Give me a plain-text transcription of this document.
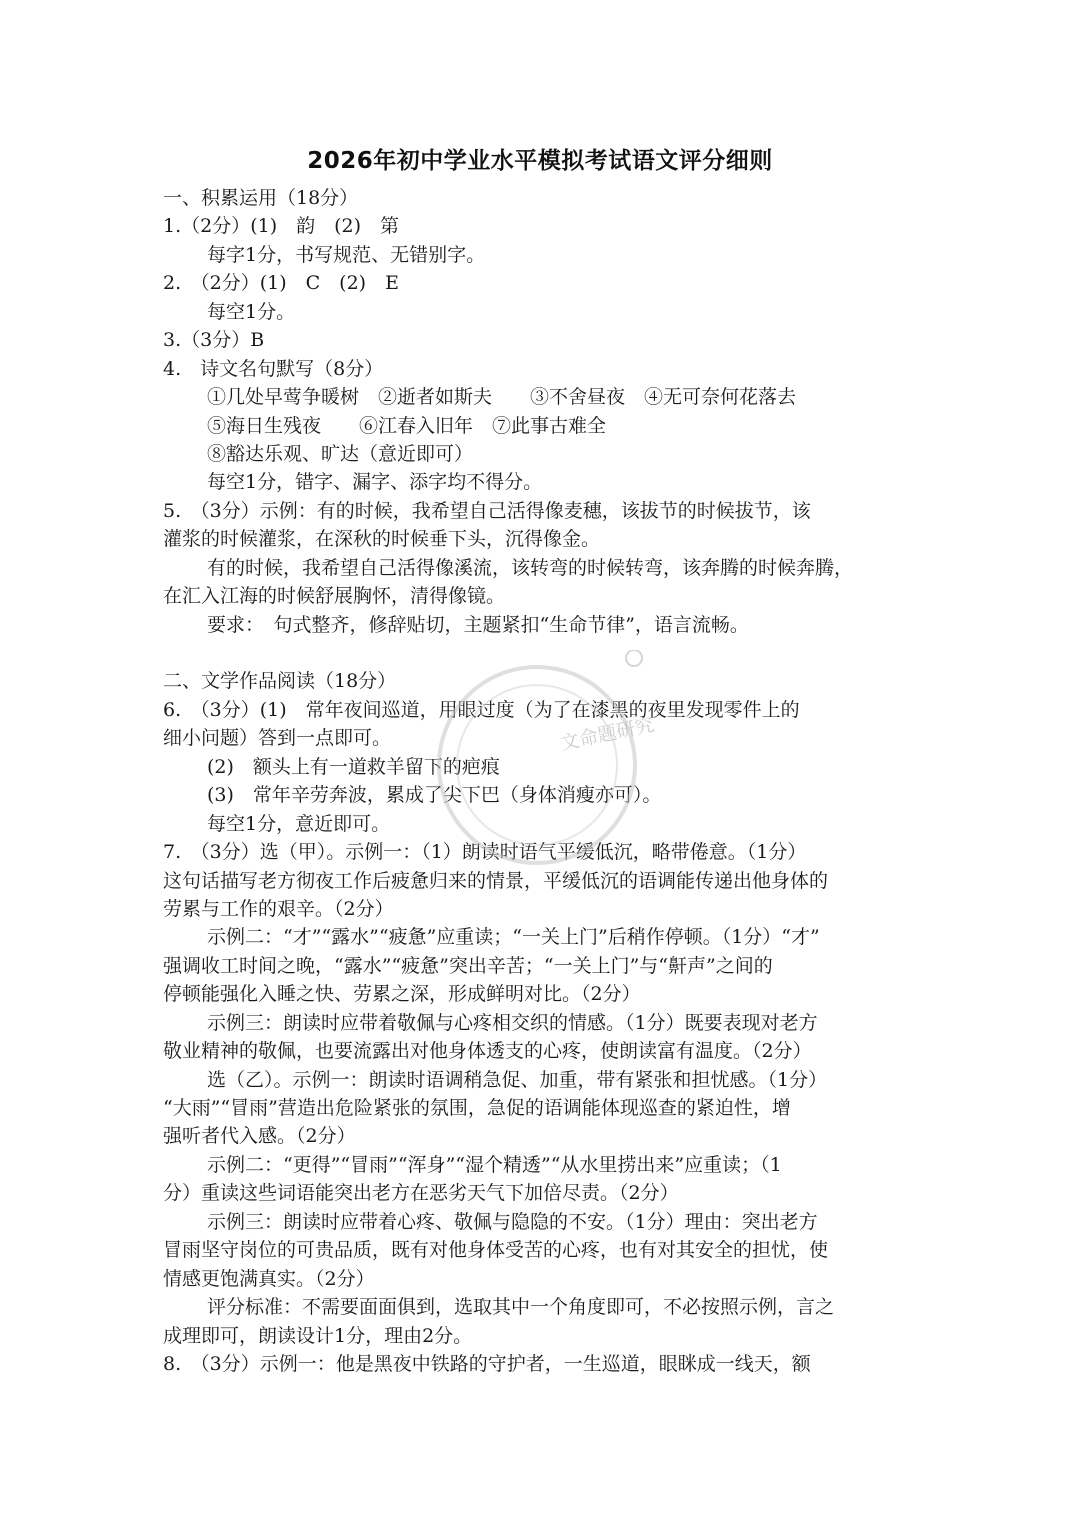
2026年初中学业水平模拟考试语文评分细则
一、积累运用（18分）
1.（2分）(1)　韵　(2)　第
每字1分，书写规范、无错别字。
2.　（2分）(1)　C　(2)　E
每空1分。
3.（3分）B
4.　诗文名句默写（8分）
①几处早莺争暖树　②逝者如斯夫　　③不舍昼夜　④无可奈何花落去
⑤海日生残夜　　⑥江春入旧年　⑦此事古难全
⑧豁达乐观、旷达（意近即可）
每空1分，错字、漏字、添字均不得分。
5.　（3分）示例：有的时候，我希望自己活得像麦穗，该拔节的时候拔节，该
灌浆的时候灌浆，在深秋的时候垂下头，沉得像金。
有的时候，我希望自己活得像溪流，该转弯的时候转弯，该奔腾的时候奔腾，
在汇入江海的时候舒展胸怀，清得像镜。
要求：　句式整齐，修辞贴切，主题紧扣“生命节律”，语言流畅。
二、文学作品阅读（18分）
6.　（3分）(1)　常年夜间巡道，用眼过度（为了在漆黑的夜里发现零件上的
细小问题）答到一点即可。
(2)　额头上有一道救羊留下的疤痕
(3)　常年辛劳奔波，累成了尖下巴（身体消瘦亦可）。
每空1分，意近即可。
7.　（3分）选（甲）。示例一：（1）朗读时语气平缓低沉，略带倦意。（1分）
这句话描写老方彻夜工作后疲惫归来的情景，平缓低沉的语调能传递出他身体的
劳累与工作的艰辛。（2分）
示例二：“才”“露水”“疲惫”应重读；“一关上门”后稍作停顿。（1分）“才”
强调收工时间之晚，“露水”“疲惫”突出辛苦；“一关上门”与“鼾声”之间的
停顿能强化入睡之快、劳累之深，形成鲜明对比。（2分）
示例三：朗读时应带着敬佩与心疼相交织的情感。（1分）既要表现对老方
敬业精神的敬佩，也要流露出对他身体透支的心疼，使朗读富有温度。（2分）
选（乙）。示例一：朗读时语调稍急促、加重，带有紧张和担忧感。（1分）
“大雨”“冒雨”营造出危险紧张的氛围，急促的语调能体现巡查的紧迫性，增
强听者代入感。（2分）
示例二：“更得”“冒雨”“浑身”“湿个精透”“从水里捞出来”应重读；（1
分）重读这些词语能突出老方在恶劣天气下加倍尽责。（2分）
示例三：朗读时应带着心疼、敬佩与隐隐的不安。（1分）理由：突出老方
冒雨坚守岗位的可贵品质，既有对他身体受苦的心疼，也有对其安全的担忧，使
情感更饱满真实。（2分）
评分标准：不需要面面俱到，选取其中一个角度即可，不必按照示例，言之
成理即可，朗读设计1分，理由2分。
8.　（3分）示例一：他是黑夜中铁路的守护者，一生巡道，眼眯成一线天，额
文命题研究
